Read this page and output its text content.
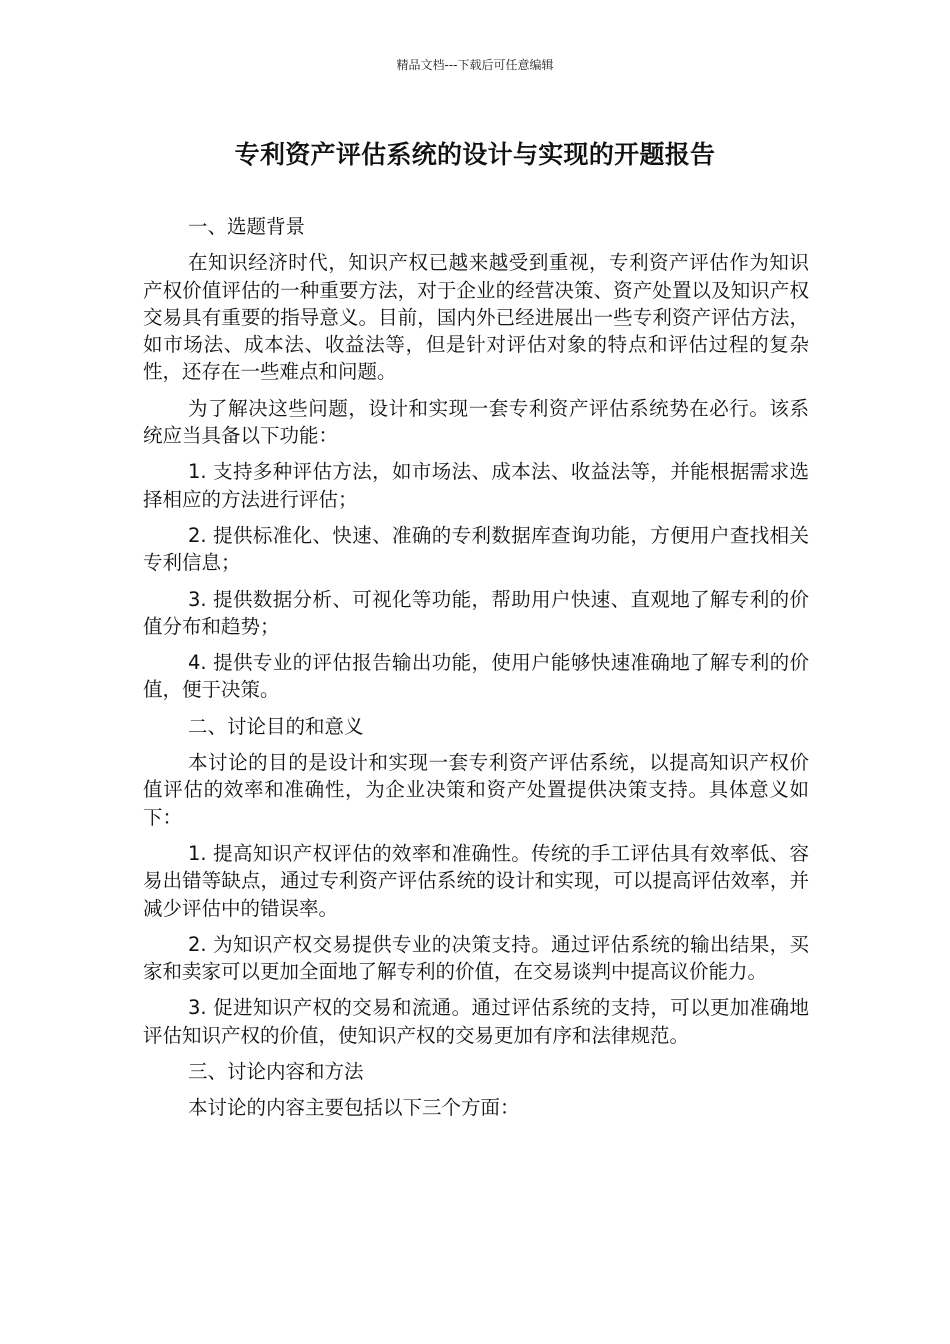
精品文档---下载后可任意编辑
专利资产评估系统的设计与实现的开题报告

一、选题背景

在知识经济时代，知识产权已越来越受到重视，专利资产评估作为知识产权价值评估的一种重要方法，对于企业的经营决策、资产处置以及知识产权交易具有重要的指导意义。目前，国内外已经进展出一些专利资产评估方法，如市场法、成本法、收益法等，但是针对评估对象的特点和评估过程的复杂性，还存在一些难点和问题。

为了解决这些问题，设计和实现一套专利资产评估系统势在必行。该系统应当具备以下功能：

1. 支持多种评估方法，如市场法、成本法、收益法等，并能根据需求选择相应的方法进行评估；

2. 提供标准化、快速、准确的专利数据库查询功能，方便用户查找相关专利信息；

3. 提供数据分析、可视化等功能，帮助用户快速、直观地了解专利的价值分布和趋势；

4. 提供专业的评估报告输出功能，使用户能够快速准确地了解专利的价值，便于决策。

二、讨论目的和意义

本讨论的目的是设计和实现一套专利资产评估系统，以提高知识产权价值评估的效率和准确性，为企业决策和资产处置提供决策支持。具体意义如下：

1. 提高知识产权评估的效率和准确性。传统的手工评估具有效率低、容易出错等缺点，通过专利资产评估系统的设计和实现，可以提高评估效率，并减少评估中的错误率。

2. 为知识产权交易提供专业的决策支持。通过评估系统的输出结果，买家和卖家可以更加全面地了解专利的价值，在交易谈判中提高议价能力。

3. 促进知识产权的交易和流通。通过评估系统的支持，可以更加准确地评估知识产权的价值，使知识产权的交易更加有序和法律规范。

三、讨论内容和方法

本讨论的内容主要包括以下三个方面：
